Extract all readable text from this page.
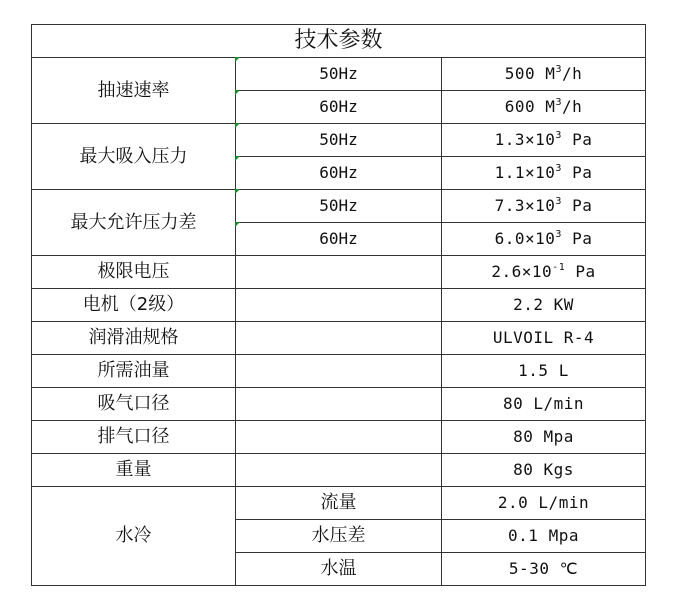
技术参数		
抽速速率	50Hz	500 $M^3/h$
	60Hz	600 $M^3/h$
最大吸入压力	50Hz	$1.3\times 10^3$ Pa
	60Hz	$1.1\times 10^3$ Pa
最大允许压力差	50Hz	$7.3\times 10^3$ Pa
	60Hz	$6.0\times 10^3$ Pa
极限电压		$2.6\times 10^{-1}$ Pa
电机（2级）		2.2 KW
润滑油规格		ULVOIL R-4
所需油量		1.5 L
吸气口径		80 L/min
排气口径		80 Mpa
重量		80 Kgs
水冷	流量	2.0 L/min
	水压差	0.1 Mpa
	水温	5-30 ℃
